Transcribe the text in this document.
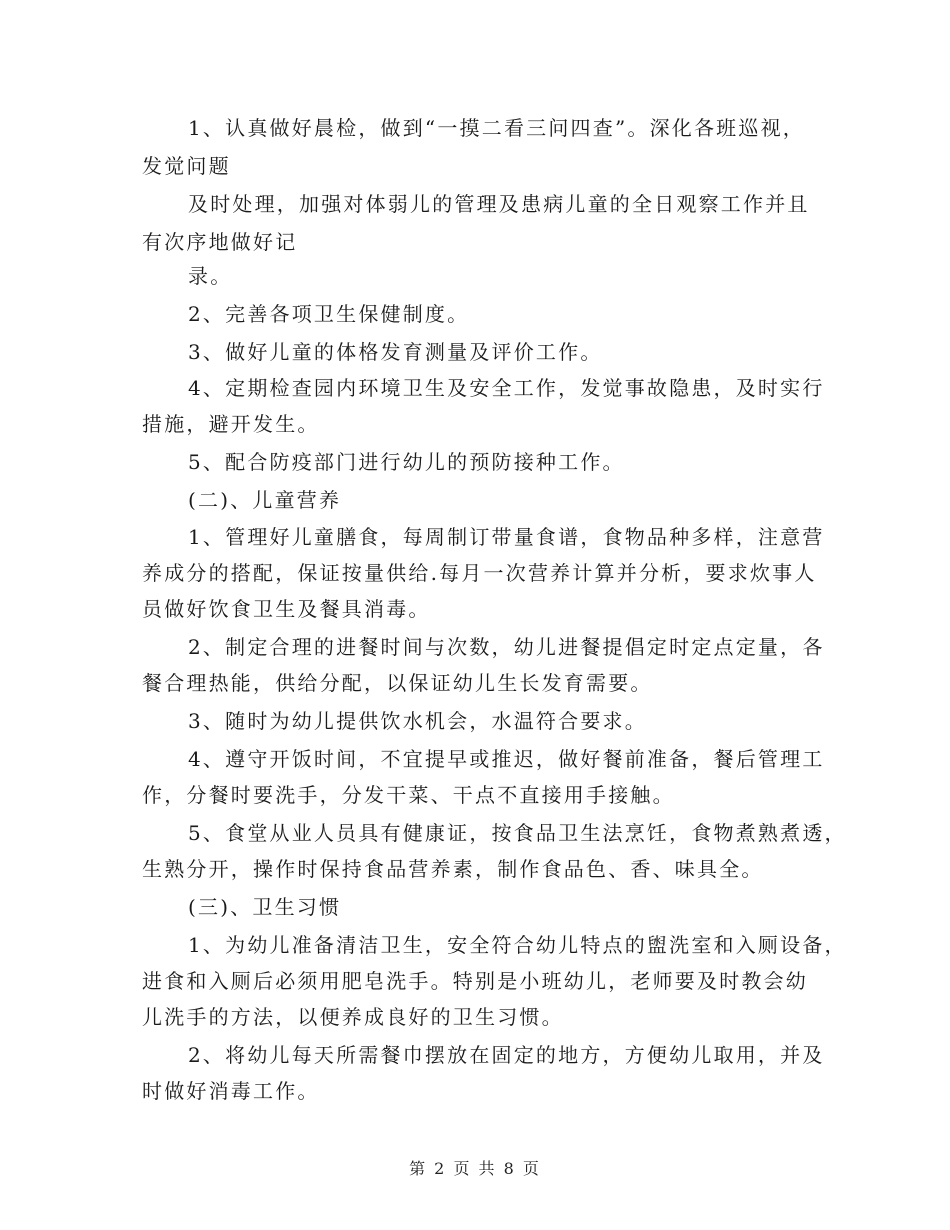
1、认真做好晨检，做到“一摸二看三问四查”。深化各班巡视，
发觉问题
及时处理，加强对体弱儿的管理及患病儿童的全日观察工作并且
有次序地做好记
录。
2、完善各项卫生保健制度。
3、做好儿童的体格发育测量及评价工作。
4、定期检查园内环境卫生及安全工作，发觉事故隐患，及时实行
措施，避开发生。
5、配合防疫部门进行幼儿的预防接种工作。
(二)、儿童营养
1、管理好儿童膳食，每周制订带量食谱，食物品种多样，注意营
养成分的搭配，保证按量供给.每月一次营养计算并分析，要求炊事人
员做好饮食卫生及餐具消毒。
2、制定合理的进餐时间与次数，幼儿进餐提倡定时定点定量，各
餐合理热能，供给分配，以保证幼儿生长发育需要。
3、随时为幼儿提供饮水机会，水温符合要求。
4、遵守开饭时间，不宜提早或推迟，做好餐前准备，餐后管理工
作，分餐时要洗手，分发干菜、干点不直接用手接触。
5、食堂从业人员具有健康证，按食品卫生法烹饪，食物煮熟煮透，
生熟分开，操作时保持食品营养素，制作食品色、香、味具全。
(三)、卫生习惯
1、为幼儿准备清洁卫生，安全符合幼儿特点的盥洗室和入厕设备，
进食和入厕后必须用肥皂洗手。特别是小班幼儿，老师要及时教会幼
儿洗手的方法，以便养成良好的卫生习惯。
2、将幼儿每天所需餐巾摆放在固定的地方，方便幼儿取用，并及
时做好消毒工作。
第 2 页 共 8 页
